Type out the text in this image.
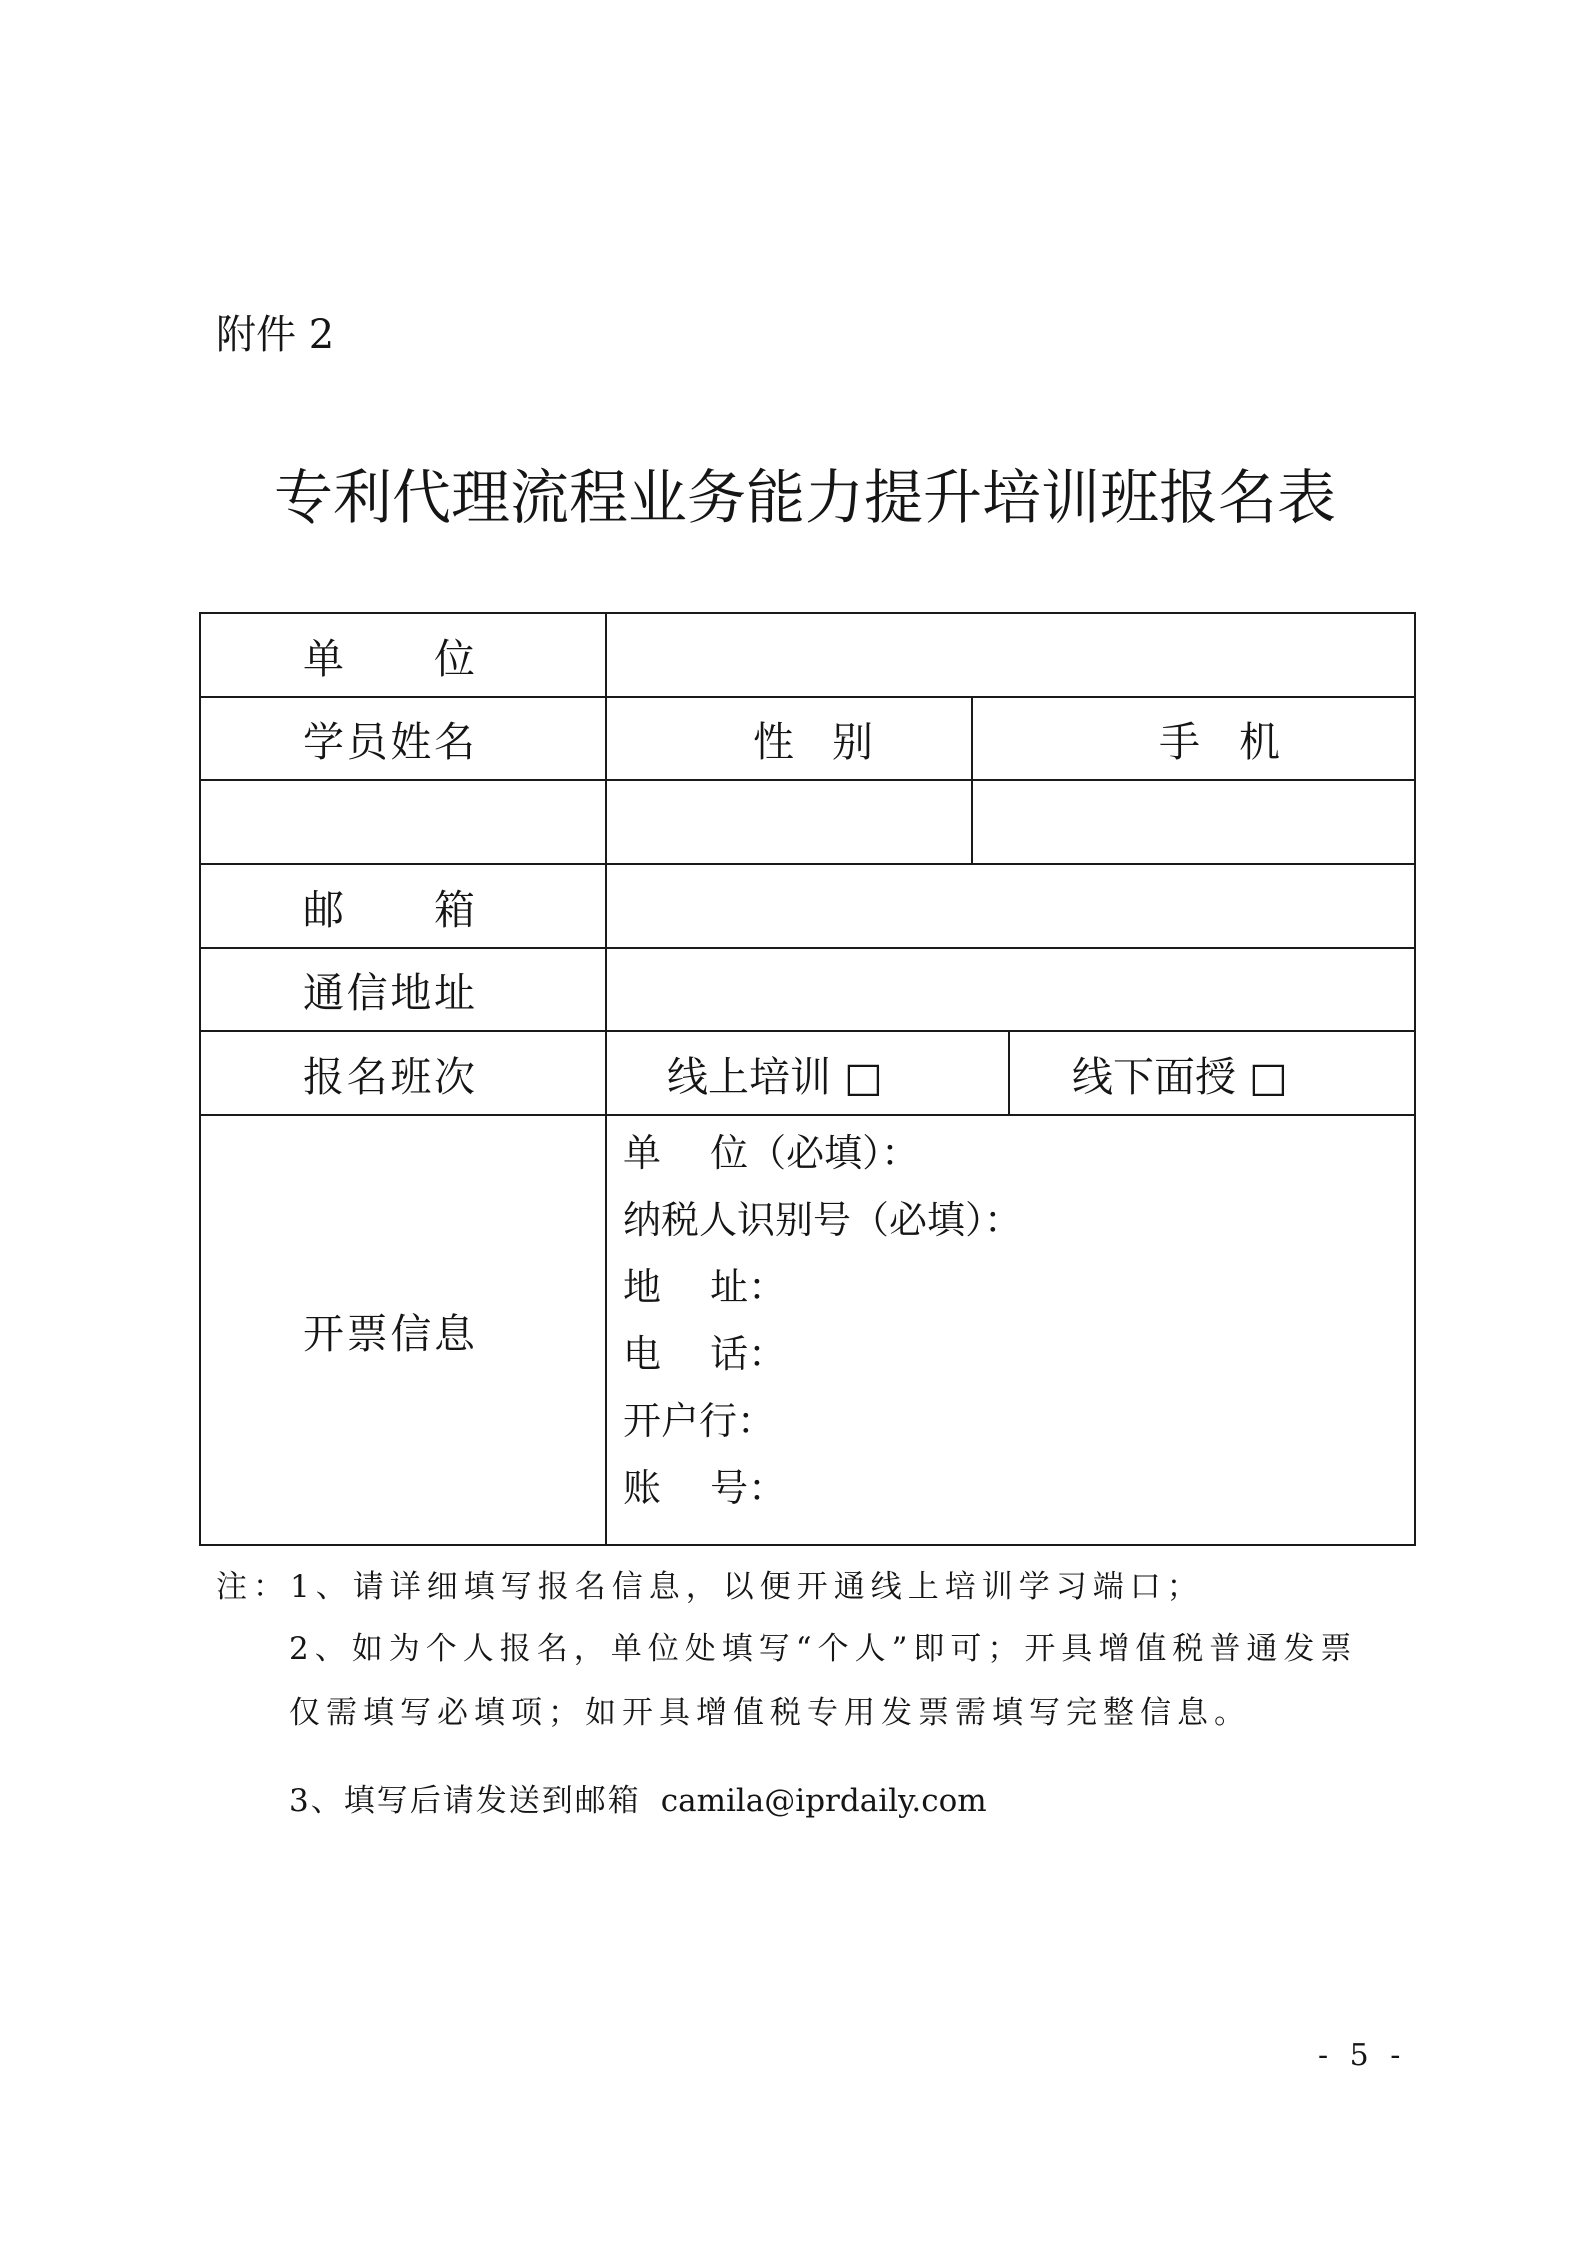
附件 2
专利代理流程业务能力提升培训班报名表
单 位
学员姓名	性 别	手 机
邮 箱
通信地址
报名班次	线上培训 □	线下面授 □
开票信息
单 位（必填）：
纳税人识别号（必填）：
地 址：
电 话：
开户行：
账 号：
注：1、请详细填写报名信息，以便开通线上培训学习端口；
2、如为个人报名，单位处填写“个人”即可；开具增值税普通发票
仅需填写必填项；如开具增值税专用发票需填写完整信息。
3、填写后请发送到邮箱 camila@iprdaily.com
- 5 -
